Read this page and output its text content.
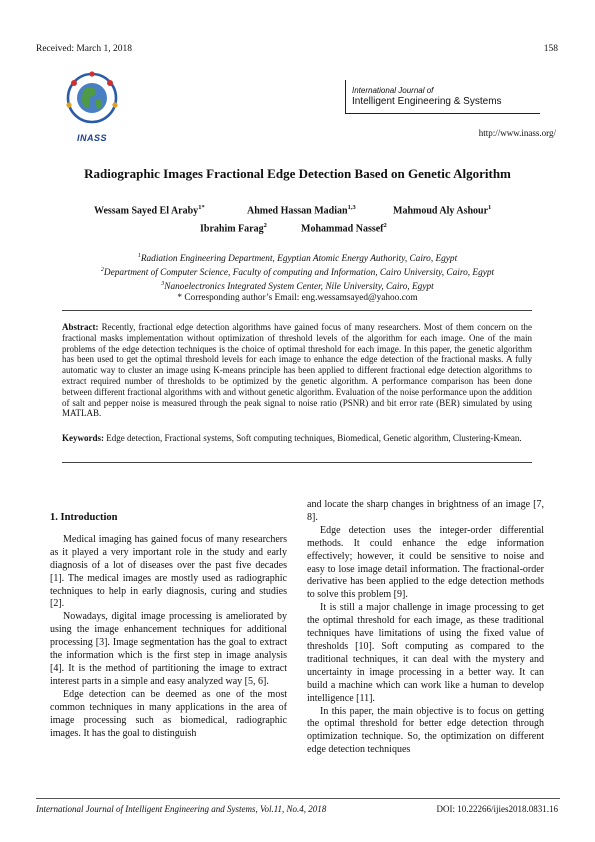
Received: March 1, 2018	158
INASS
International Journal of
Intelligent Engineering & Systems
http://www.inass.org/
Radiographic Images Fractional Edge Detection Based on Genetic Algorithm
Wessam Sayed El Araby$^{1*}$	Ahmed Hassan Madian$^{1,3}$	Mahmoud Aly Ashour$^1$
Ibrahim Farag$^2$	Mohammad Nassef$^2$
$^1$Radiation Engineering Department, Egyptian Atomic Energy Authority, Cairo, Egypt
$^2$Department of Computer Science, Faculty of computing and Information, Cairo University, Cairo, Egypt
$^3$Nanoelectronics Integrated System Center, Nile University, Cairo, Egypt
* Corresponding author’s Email: eng.wessamsayed@yahoo.com
Abstract: Recently, fractional edge detection algorithms have gained focus of many researchers. Most of them concern on the fractional masks implementation without optimization of threshold levels of the algorithm for each image. One of the main problems of the edge detection techniques is the choice of optimal threshold for each image. In this paper, the genetic algorithm has been used to get the optimal threshold levels for each image to enhance the edge detection of the fractional masks. A fully automatic way to cluster an image using K-means principle has been applied to different fractional edge detection algorithms to extract required number of thresholds to be optimized by the genetic algorithm. A performance comparison has been done between different fractional algorithms with and without genetic algorithm. Evaluation of the noise performance upon the addition of salt and pepper noise is measured through the peak signal to noise ratio (PSNR) and bit error rate (BER) simulated by using MATLAB.
Keywords: Edge detection, Fractional systems, Soft computing techniques, Biomedical, Genetic algorithm, Clustering-Kmean.
1. Introduction

Medical imaging has gained focus of many researchers as it played a very important role in the study and early diagnosis of a lot of diseases over the past five decades [1]. The medical images are mostly used as radiographic techniques to help in early diagnosis, curing and studies [2].

Nowadays, digital image processing is ameliorated by using the image enhancement techniques for additional processing [3]. Image segmentation has the goal to extract the information which is the first step in image analysis [4]. It is the method of partitioning the image to extract interest parts in a simple and easy analyzed way [5, 6].

Edge detection can be deemed as one of the most common techniques in many applications in the area of image processing such as biomedical, radiographic images. It has the goal to distinguish

and locate the sharp changes in brightness of an image [7, 8].

Edge detection uses the integer-order differential methods. It could enhance the edge information effectively; however, it could be sensitive to noise and easy to lose image detail information. The fractional-order derivative has been applied to the edge detection methods to solve this problem [9].

It is still a major challenge in image processing to get the optimal threshold for each image, as these traditional techniques have limitations of using the fixed value of thresholds [10]. Soft computing as compared to the traditional techniques, it can deal with the mystery and uncertainty in image processing in a better way. It can build a machine which can work like a human to develop intelligence [11].

In this paper, the main objective is to focus on getting the optimal threshold for better edge detection through optimization technique. So, the optimization on different edge detection techniques

International Journal of Intelligent Engineering and Systems, Vol.11, No.4, 2018	DOI: 10.22266/ijies2018.0831.16
